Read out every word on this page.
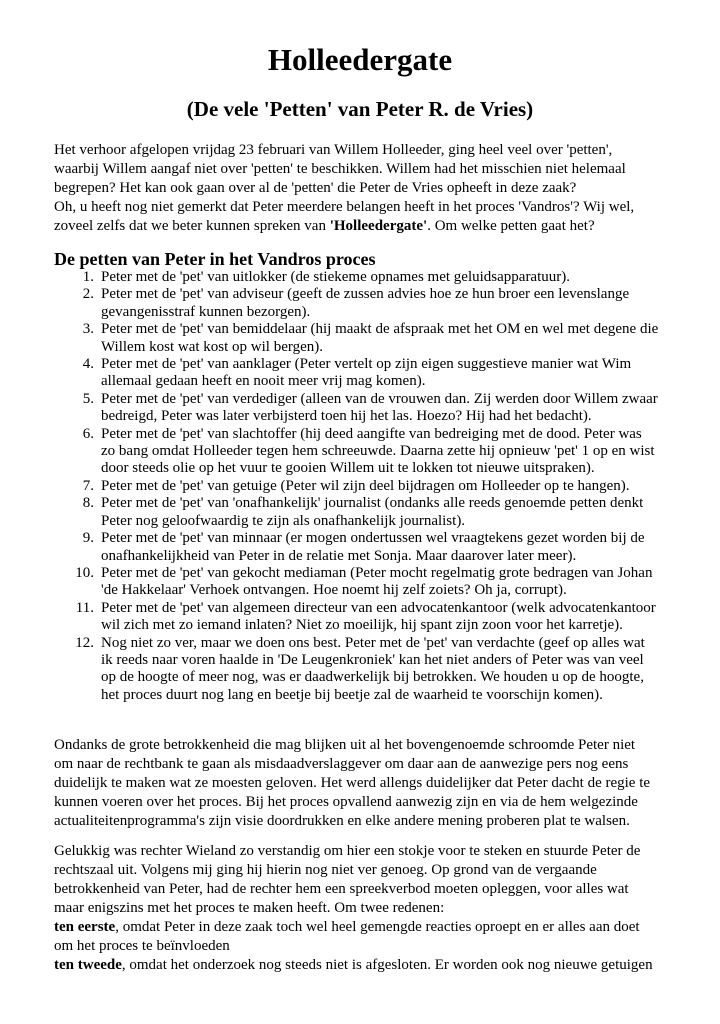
Holleedergate
(De vele 'Petten' van Peter R. de Vries)
Het verhoor afgelopen vrijdag 23 februari van Willem Holleeder, ging heel veel over 'petten',
waarbij Willem aangaf niet over 'petten' te beschikken. Willem had het misschien niet helemaal
begrepen? Het kan ook gaan over al de 'petten' die Peter de Vries opheeft in deze zaak?
Oh, u heeft nog niet gemerkt dat Peter meerdere belangen heeft in het proces 'Vandros'? Wij wel,
zoveel zelfs dat we beter kunnen spreken van 'Holleedergate'. Om welke petten gaat het?
De petten van Peter in het Vandros proces
1. Peter met de 'pet' van uitlokker (de stiekeme opnames met geluidsapparatuur).
2. Peter met de 'pet' van adviseur (geeft de zussen advies hoe ze hun broer een levenslange
gevangenisstraf kunnen bezorgen).
3. Peter met de 'pet' van bemiddelaar (hij maakt de afspraak met het OM en wel met degene die
Willem kost wat kost op wil bergen).
4. Peter met de 'pet' van aanklager (Peter vertelt op zijn eigen suggestieve manier wat Wim
allemaal gedaan heeft en nooit meer vrij mag komen).
5. Peter met de 'pet' van verdediger (alleen van de vrouwen dan. Zij werden door Willem zwaar
bedreigd, Peter was later verbijsterd toen hij het las. Hoezo? Hij had het bedacht).
6. Peter met de 'pet' van slachtoffer (hij deed aangifte van bedreiging met de dood. Peter was
zo bang omdat Holleeder tegen hem schreeuwde. Daarna zette hij opnieuw 'pet' 1 op en wist
door steeds olie op het vuur te gooien Willem uit te lokken tot nieuwe uitspraken).
7. Peter met de 'pet' van getuige (Peter wil zijn deel bijdragen om Holleeder op te hangen).
8. Peter met de 'pet' van 'onafhankelijk' journalist (ondanks alle reeds genoemde petten denkt
Peter nog geloofwaardig te zijn als onafhankelijk journalist).
9. Peter met de 'pet' van minnaar (er mogen ondertussen wel vraagtekens gezet worden bij de
onafhankelijkheid van Peter in de relatie met Sonja. Maar daarover later meer).
10. Peter met de 'pet' van gekocht mediaman (Peter mocht regelmatig grote bedragen van Johan
'de Hakkelaar' Verhoek ontvangen. Hoe noemt hij zelf zoiets? Oh ja, corrupt).
11. Peter met de 'pet' van algemeen directeur van een advocatenkantoor (welk advocatenkantoor
wil zich met zo iemand inlaten? Niet zo moeilijk, hij spant zijn zoon voor het karretje).
12. Nog niet zo ver, maar we doen ons best. Peter met de 'pet' van verdachte (geef op alles wat
ik reeds naar voren haalde in 'De Leugenkroniek' kan het niet anders of Peter was van veel
op de hoogte of meer nog, was er daadwerkelijk bij betrokken. We houden u op de hoogte,
het proces duurt nog lang en beetje bij beetje zal de waarheid te voorschijn komen).
Ondanks de grote betrokkenheid die mag blijken uit al het bovengenoemde schroomde Peter niet
om naar de rechtbank te gaan als misdaadverslaggever om daar aan de aanwezige pers nog eens
duidelijk te maken wat ze moesten geloven. Het werd allengs duidelijker dat Peter dacht de regie te
kunnen voeren over het proces. Bij het proces opvallend aanwezig zijn en via de hem welgezinde
actualiteitenprogramma's zijn visie doordrukken en elke andere mening proberen plat te walsen.
Gelukkig was rechter Wieland zo verstandig om hier een stokje voor te steken en stuurde Peter de
rechtszaal uit. Volgens mij ging hij hierin nog niet ver genoeg. Op grond van de vergaande
betrokkenheid van Peter, had de rechter hem een spreekverbod moeten opleggen, voor alles wat
maar enigszins met het proces te maken heeft. Om twee redenen:
ten eerste, omdat Peter in deze zaak toch wel heel gemengde reacties oproept en er alles aan doet
om het proces te beïnvloeden
ten tweede, omdat het onderzoek nog steeds niet is afgesloten. Er worden ook nog nieuwe getuigen
